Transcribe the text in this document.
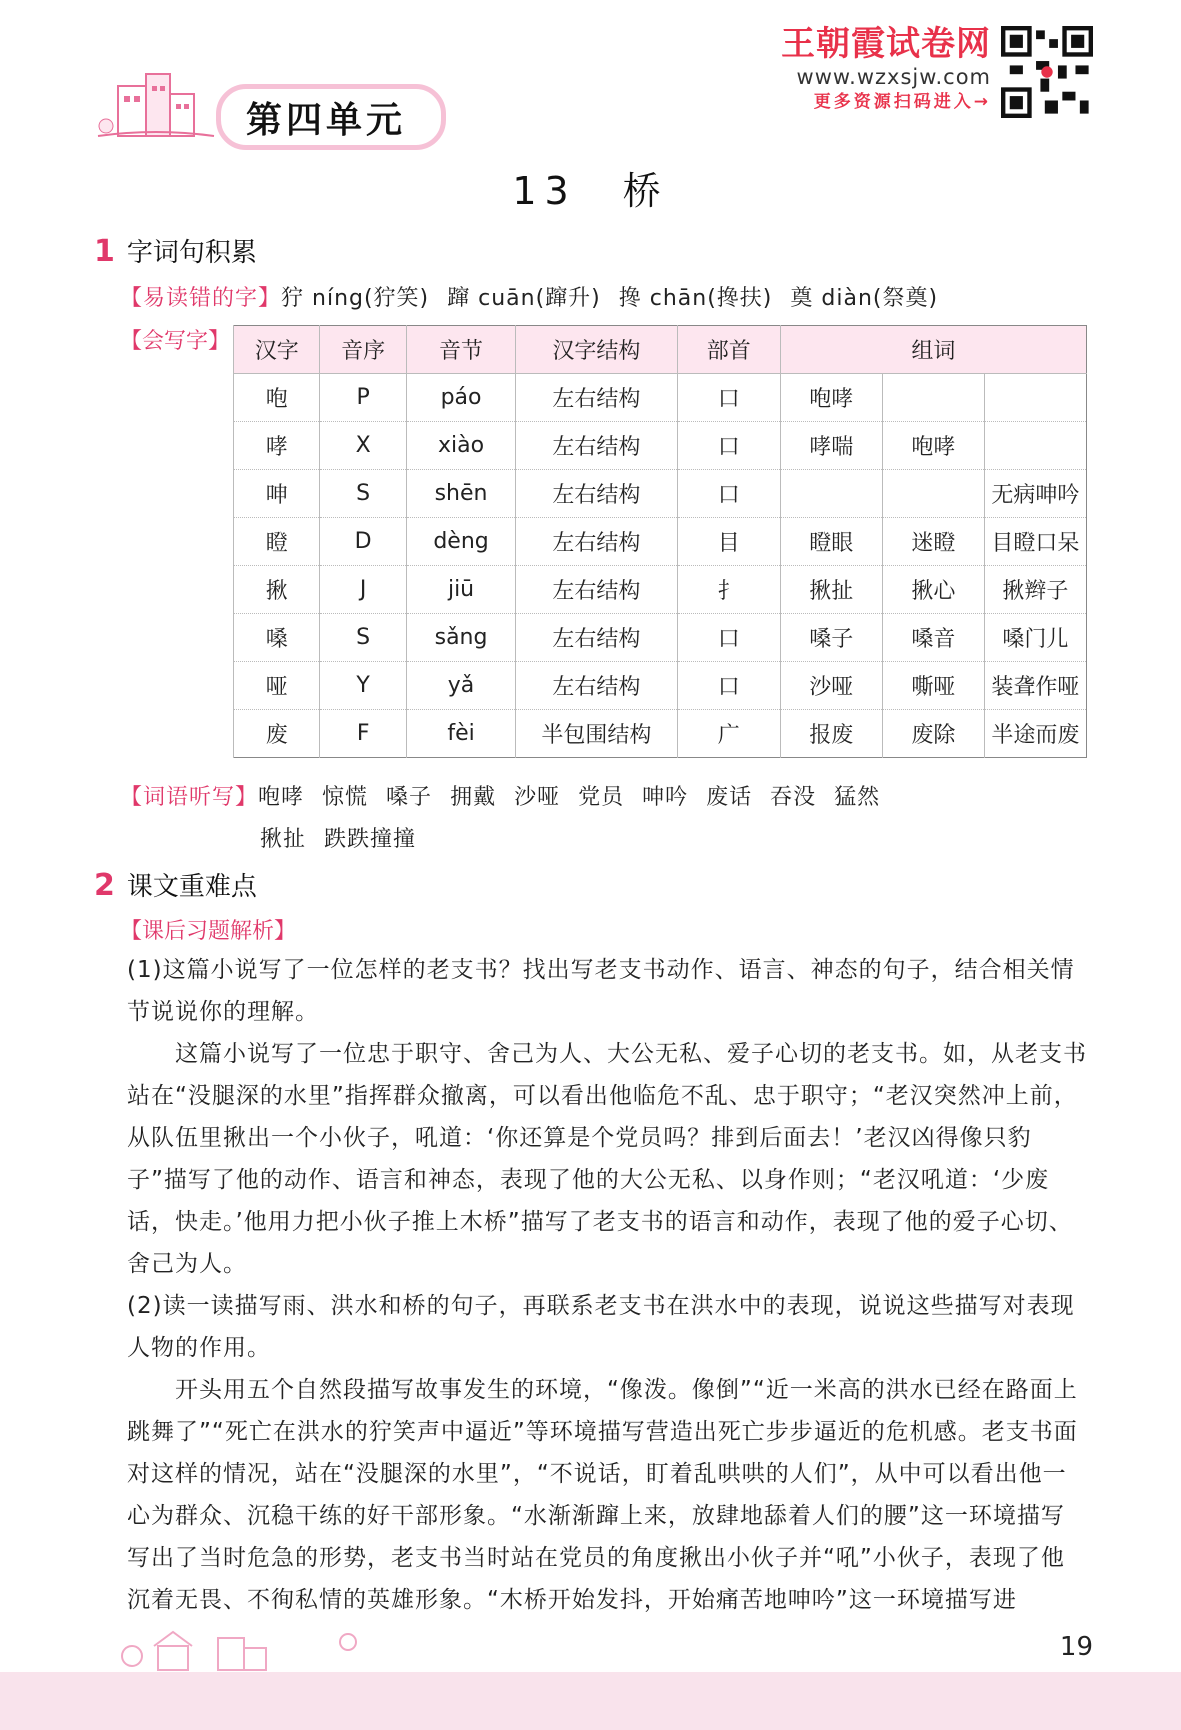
第四单元
王朝霞试卷网
www.wzxsjw.com
更多资源扫码进入→
13　桥
1 字词句积累
【易读错的字】狞 níng(狞笑) 蹿 cuān(蹿升) 搀 chān(搀扶) 奠 diàn(祭奠)
【会写字】 汉字	音序	音节	汉字结构	部首	组词		
咆	P	páo	左右结构	口	咆哮		
哮	X	xiào	左右结构	口	哮喘	咆哮	
呻	S	shēn	左右结构	口			无病呻吟
瞪	D	dèng	左右结构	目	瞪眼	迷瞪	目瞪口呆
揪	J	jiū	左右结构	扌	揪扯	揪心	揪辫子
嗓	S	sǎng	左右结构	口	嗓子	嗓音	嗓门儿
哑	Y	yǎ	左右结构	口	沙哑	嘶哑	装聋作哑
废	F	fèi	半包围结构	广	报废	废除	半途而废
【词语听写】咆哮 惊慌 嗓子 拥戴 沙哑 党员 呻吟 废话 吞没 猛然
揪扯 跌跌撞撞
2 课文重难点
【课后习题解析】
(1)这篇小说写了一位怎样的老支书？找出写老支书动作、语言、神态的句子，结合相关情节说说你的理解。
这篇小说写了一位忠于职守、舍己为人、大公无私、爱子心切的老支书。如，从老支书站在“没腿深的水里”指挥群众撤离，可以看出他临危不乱、忠于职守；“老汉突然冲上前，从队伍里揪出一个小伙子，吼道：‘你还算是个党员吗？排到后面去！’老汉凶得像只豹子”描写了他的动作、语言和神态，表现了他的大公无私、以身作则；“老汉吼道：‘少废话，快走。’他用力把小伙子推上木桥”描写了老支书的语言和动作，表现了他的爱子心切、舍己为人。
(2)读一读描写雨、洪水和桥的句子，再联系老支书在洪水中的表现，说说这些描写对表现人物的作用。
开头用五个自然段描写故事发生的环境，“像泼。像倒”“近一米高的洪水已经在路面上跳舞了”“死亡在洪水的狞笑声中逼近”等环境描写营造出死亡步步逼近的危机感。老支书面对这样的情况，站在“没腿深的水里”，“不说话，盯着乱哄哄的人们”，从中可以看出他一心为群众、沉稳干练的好干部形象。“水渐渐蹿上来，放肆地舔着人们的腰”这一环境描写写出了当时危急的形势，老支书当时站在党员的角度揪出小伙子并“吼”小伙子，表现了他沉着无畏、不徇私情的英雄形象。“木桥开始发抖，开始痛苦地呻吟”这一环境描写进
19
